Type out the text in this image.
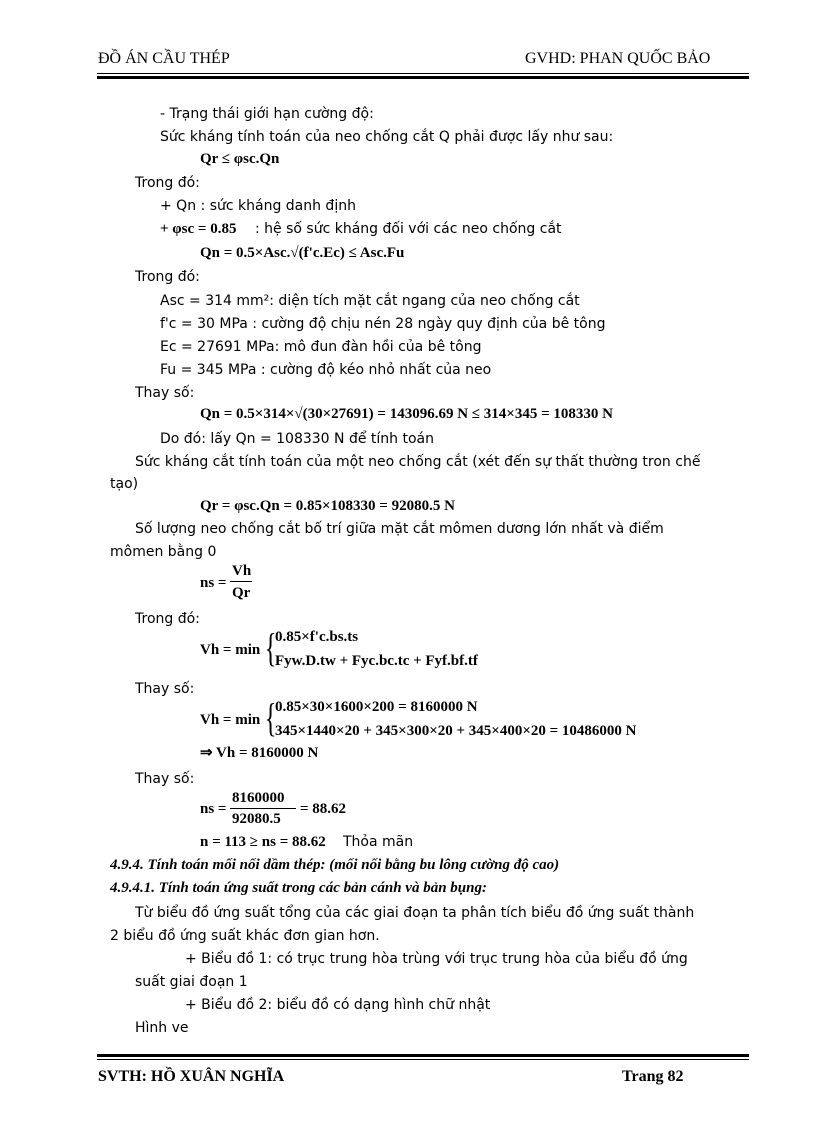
ĐỒ ÁN CẦU THÉP	GVHD: PHAN QUỐC BẢO
- Trạng thái giới hạn cường độ:
Sức kháng tính toán của neo chống cắt Q phải được lấy như sau:
Qr ≤ φsc.Qn
Trong đó:
+ Qn : sức kháng danh định
+ φsc = 0.85 : hệ số sức kháng đối với các neo chống cắt
Qn = 0.5×Asc.√(f'c.Ec) ≤ Asc.Fu
Trong đó:
Asc = 314 mm²: diện tích mặt cắt ngang của neo chống cắt
f'c = 30 MPa : cường độ chịu nén 28 ngày quy định của bê tông
Ec = 27691 MPa: mô đun đàn hồi của bê tông
Fu = 345 MPa : cường độ kéo nhỏ nhất của neo
Thay số:
Qn = 0.5×314×√(30×27691) = 143096.69 N ≤ 314×345 = 108330 N
Do đó: lấy Qn = 108330 N để tính toán
Sức kháng cắt tính toán của một neo chống cắt (xét đến sự thất thường tron chế
tạo)
Qr = φsc.Qn = 0.85×108330 = 92080.5 N
Số lượng neo chống cắt bố trí giữa mặt cắt mômen dương lớn nhất và điểm
mômen bằng 0
ns =
Vh
Qr
Trong đó:
Vh = min {
0.85×f'c.bs.ts
Fyw.D.tw + Fyc.bc.tc + Fyf.bf.tf
Thay số:
Vh = min {
0.85×30×1600×200 = 8160000 N
345×1440×20 + 345×300×20 + 345×400×20 = 10486000 N
⇒ Vh = 8160000 N
Thay số:
ns =
8160000
92080.5
= 88.62
n = 113 ≥ ns = 88.62 Thỏa mãn
4.9.4. Tính toán mối nối dầm thép: (mối nối bằng bu lông cường độ cao)
4.9.4.1. Tính toán ứng suất trong các bản cánh và bản bụng:
Từ biểu đồ ứng suất tổng của các giai đoạn ta phân tích biểu đồ ứng suất thành
2 biểu đồ ứng suất khác đơn gian hơn.
+ Biểu đồ 1: có trục trung hòa trùng với trục trung hòa của biểu đồ ứng
suất giai đoạn 1
+ Biểu đồ 2: biểu đồ có dạng hình chữ nhật
Hình ve
SVTH: HỒ XUÂN NGHĨA	Trang 82
